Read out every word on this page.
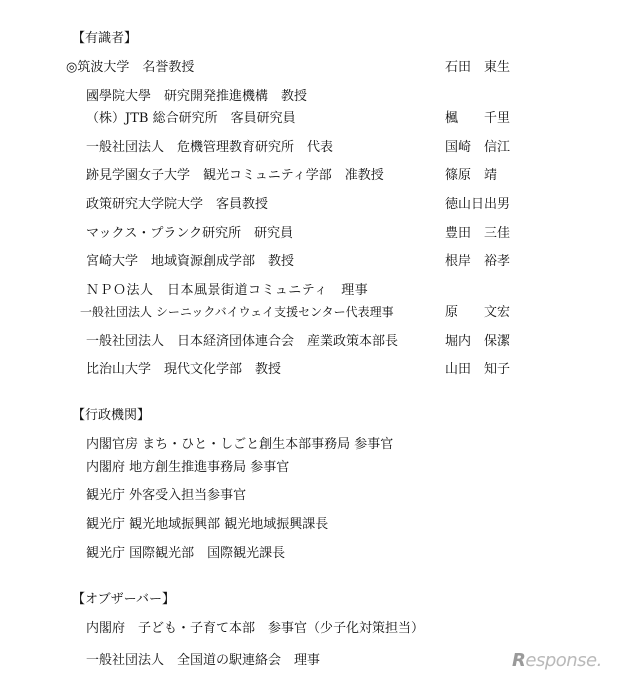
【有識者】
◎筑波大学　名誉教授	石田　東生
國學院大學　研究開発推進機構　教授
（株）JTB 総合研究所　客員研究員	楓　　千里
一般社団法人　危機管理教育研究所　代表	国崎　信江
跡見学園女子大学　観光コミュニティ学部　准教授	篠原　靖
政策研究大学院大学　客員教授	徳山日出男
マックス・プランク研究所　研究員	豊田　三佳
宮崎大学　地域資源創成学部　教授	根岸　裕孝
ＮＰＯ法人　日本風景街道コミュニティ　理事
一般社団法人 シーニックバイウェイ支援センター代表理事	原　　文宏
一般社団法人　日本経済団体連合会　産業政策本部長	堀内　保潔
比治山大学　現代文化学部　教授	山田　知子
【行政機関】
内閣官房 まち・ひと・しごと創生本部事務局 参事官
内閣府 地方創生推進事務局 参事官
観光庁 外客受入担当参事官
観光庁 観光地域振興部 観光地域振興課長
観光庁 国際観光部　国際観光課長
【オブザーバー】
内閣府　子ども・子育て本部　参事官（少子化対策担当）
一般社団法人　全国道の駅連絡会　理事	Response.
